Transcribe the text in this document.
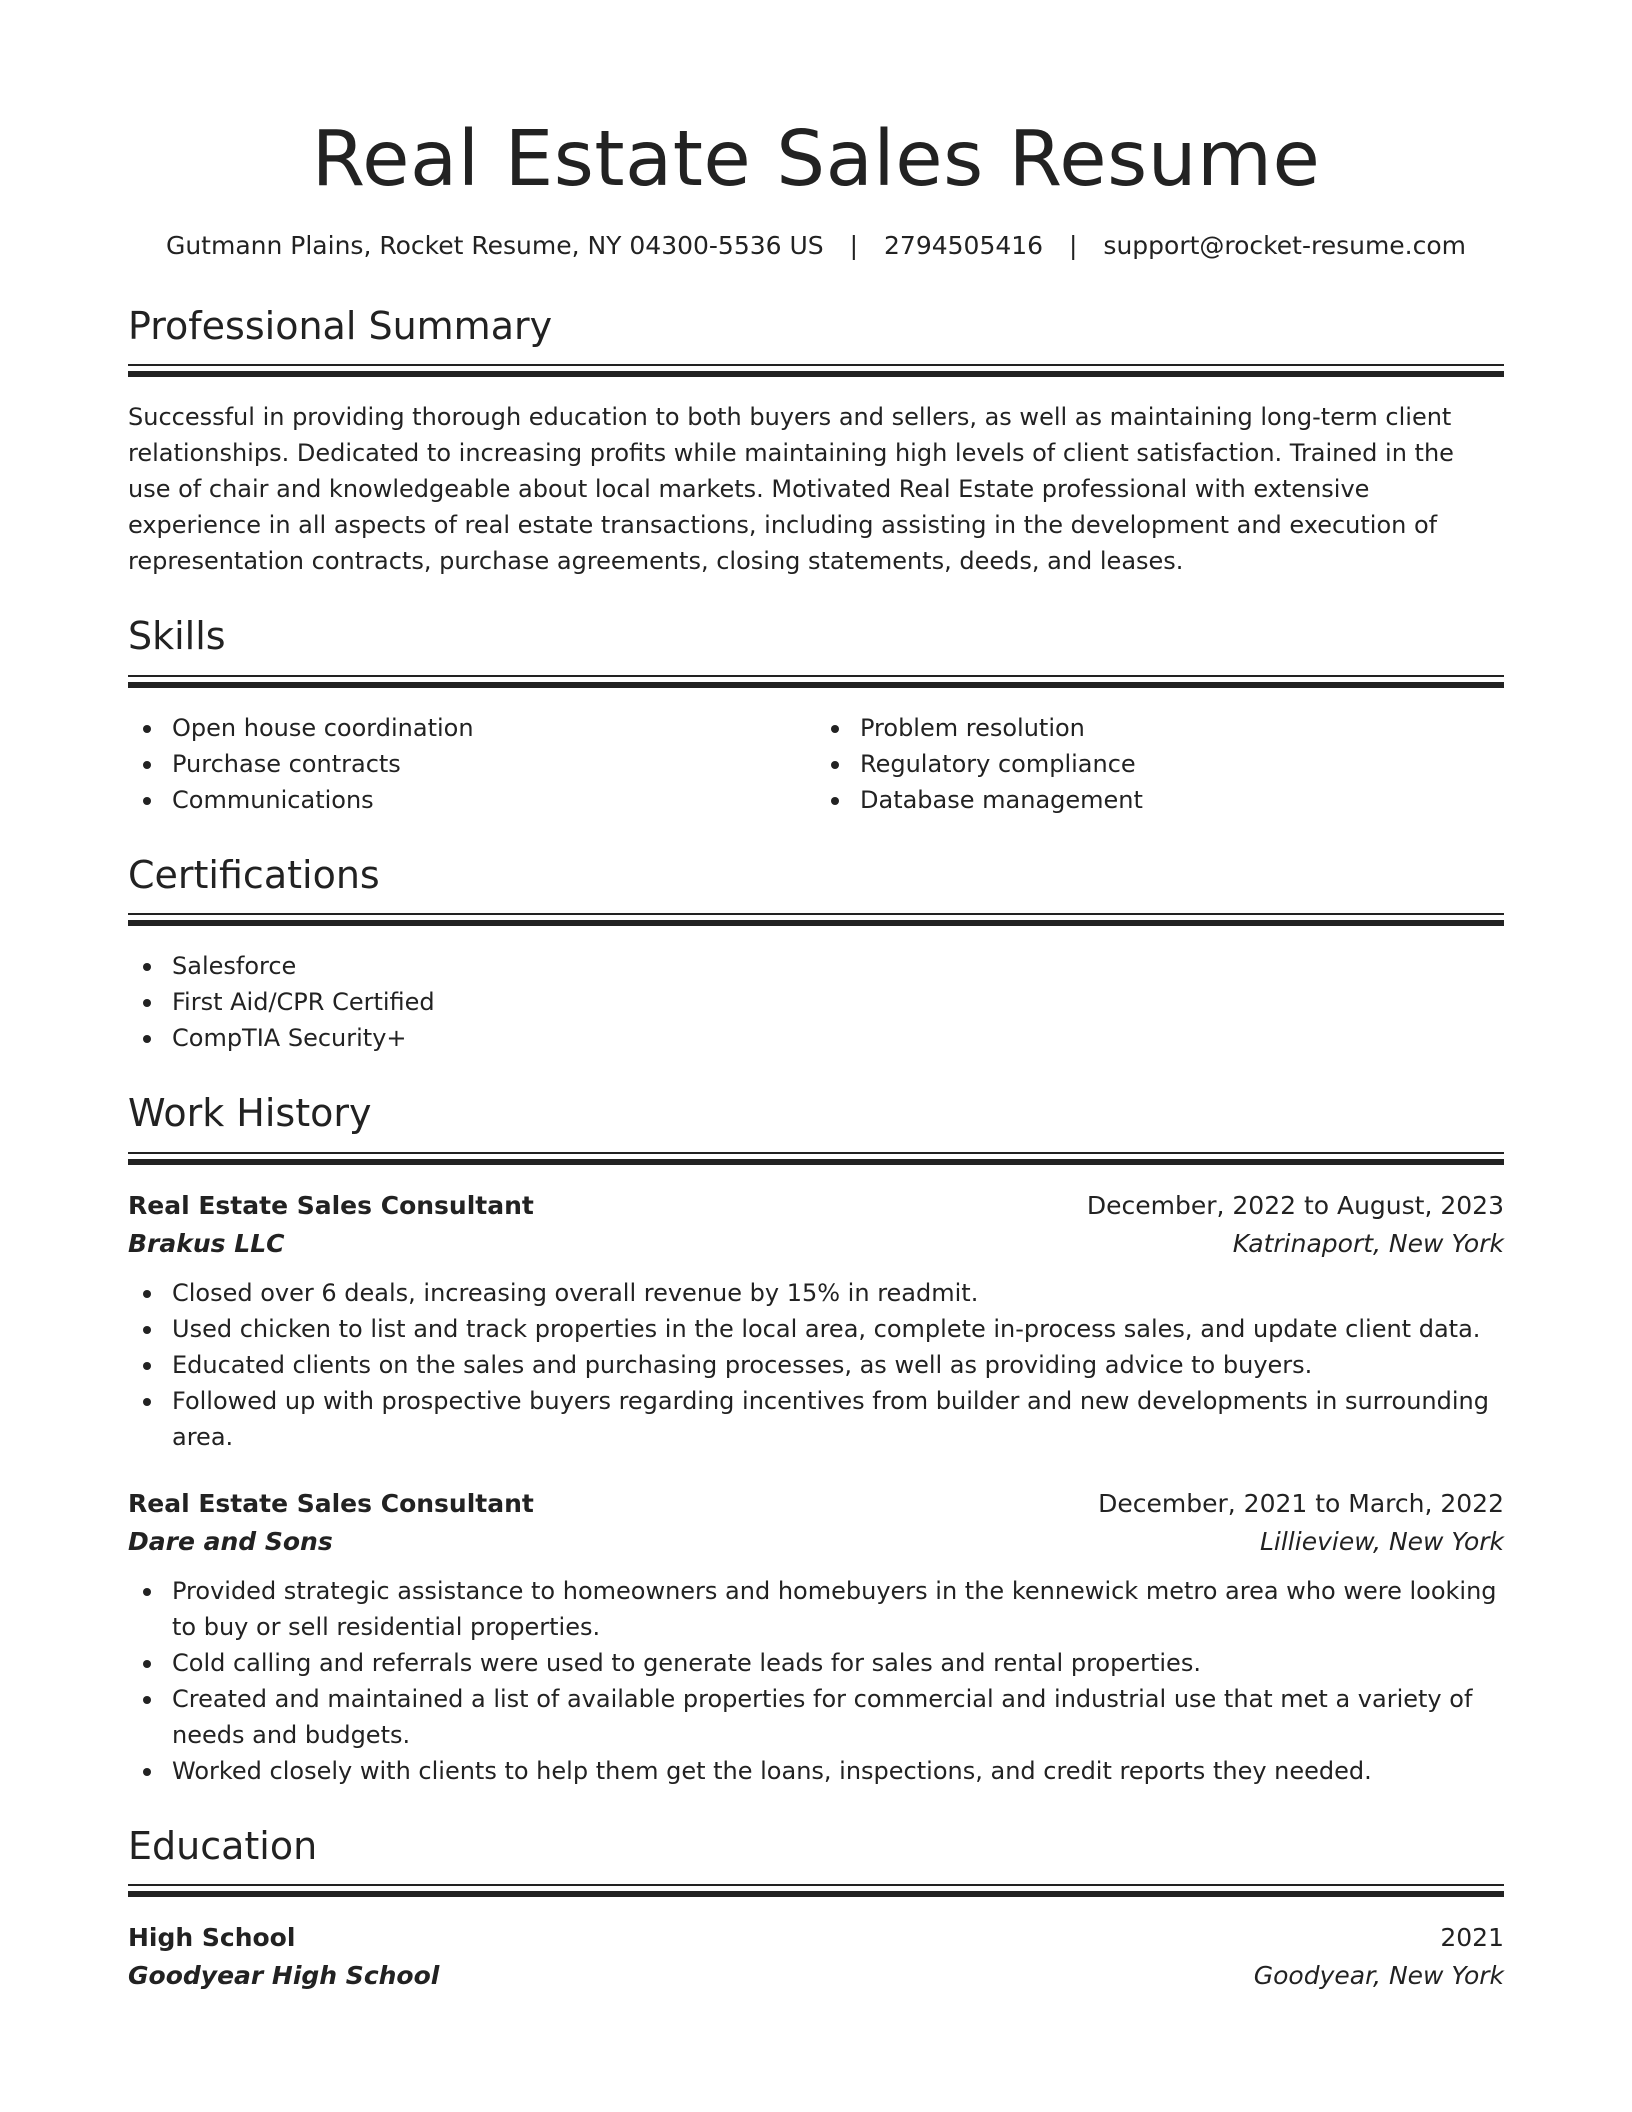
Real Estate Sales Resume
Gutmann Plains, Rocket Resume, NY 04300-5536 US | 2794505416 | support@rocket-resume.com
Professional Summary

Successful in providing thorough education to both buyers and sellers, as well as maintaining long-term client relationships. Dedicated to increasing profits while maintaining high levels of client satisfaction. Trained in the use of chair and knowledgeable about local markets. Motivated Real Estate professional with extensive experience in all aspects of real estate transactions, including assisting in the development and execution of representation contracts, purchase agreements, closing statements, deeds, and leases.

Skills
Open house coordination
Purchase contracts
Communications
Problem resolution
Regulatory compliance
Database management
Certifications
Salesforce
First Aid/CPR Certified
CompTIA Security+
Work History
Real Estate Sales Consultant	December, 2022 to August, 2023
Brakus LLC	Katrinaport, New York
Closed over 6 deals, increasing overall revenue by 15% in readmit.
Used chicken to list and track properties in the local area, complete in-process sales, and update client data.
Educated clients on the sales and purchasing processes, as well as providing advice to buyers.
Followed up with prospective buyers regarding incentives from builder and new developments in surrounding area.
Real Estate Sales Consultant	December, 2021 to March, 2022
Dare and Sons	Lillieview, New York
Provided strategic assistance to homeowners and homebuyers in the kennewick metro area who were looking to buy or sell residential properties.
Cold calling and referrals were used to generate leads for sales and rental properties.
Created and maintained a list of available properties for commercial and industrial use that met a variety of needs and budgets.
Worked closely with clients to help them get the loans, inspections, and credit reports they needed.
Education
High School	2021
Goodyear High School	Goodyear, New York
